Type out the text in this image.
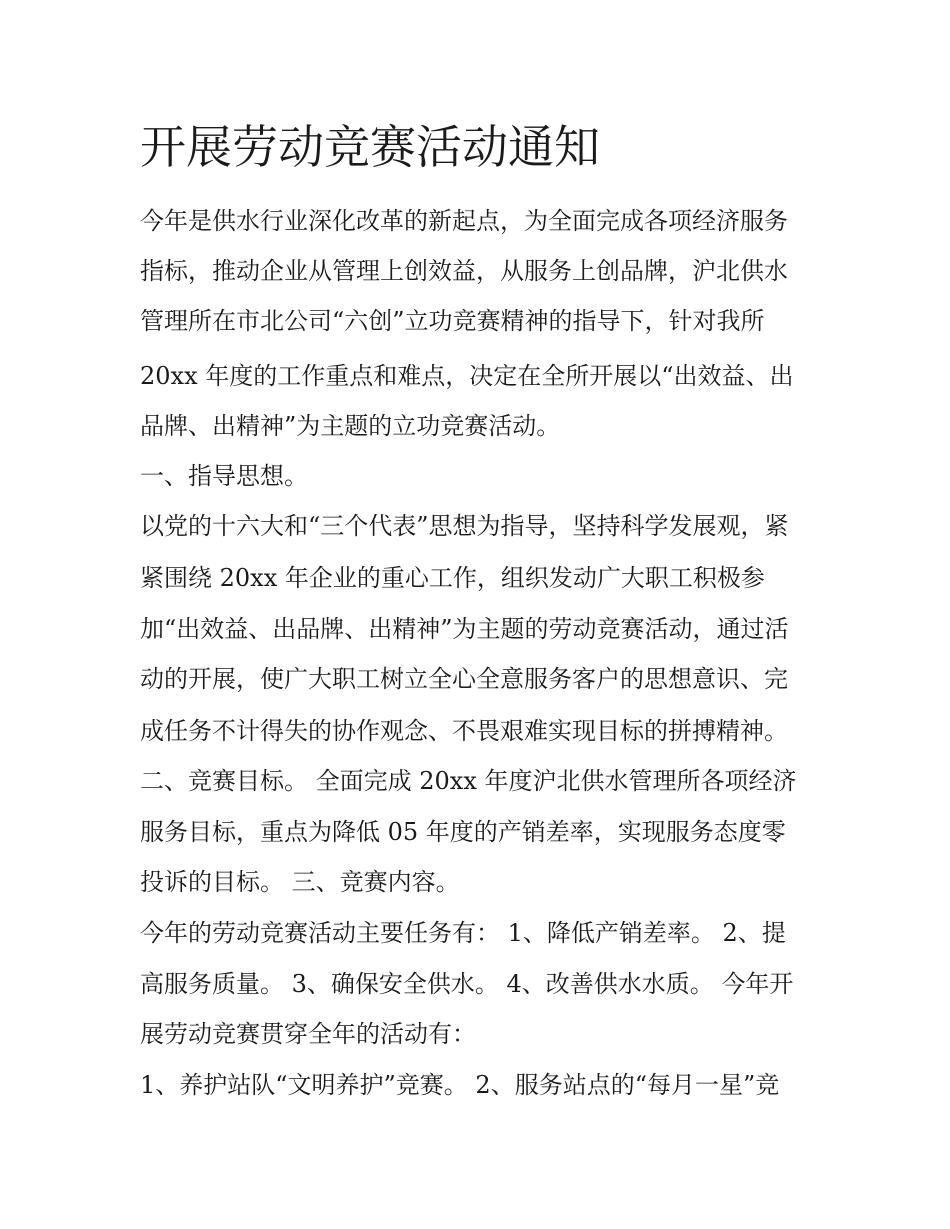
开展劳动竞赛活动通知

今年是供水行业深化改革的新起点，为全面完成各项经济服务

指标，推动企业从管理上创效益，从服务上创品牌，沪北供水

管理所在市北公司“六创”立功竞赛精神的指导下，针对我所

20xx 年度的工作重点和难点，决定在全所开展以“出效益、出

品牌、出精神”为主题的立功竞赛活动。

一、指导思想。

以党的十六大和“三个代表”思想为指导，坚持科学发展观，紧

紧围绕 20xx 年企业的重心工作，组织发动广大职工积极参

加“出效益、出品牌、出精神”为主题的劳动竞赛活动，通过活

动的开展，使广大职工树立全心全意服务客户的思想意识、完

成任务不计得失的协作观念、不畏艰难实现目标的拼搏精神。

二、竞赛目标。 全面完成 20xx 年度沪北供水管理所各项经济

服务目标，重点为降低 05 年度的产销差率，实现服务态度零

投诉的目标。 三、竞赛内容。

今年的劳动竞赛活动主要任务有： 1、降低产销差率。 2、提

高服务质量。 3、确保安全供水。 4、改善供水水质。 今年开

展劳动竞赛贯穿全年的活动有：

1、养护站队“文明养护”竞赛。 2、服务站点的“每月一星”竞
